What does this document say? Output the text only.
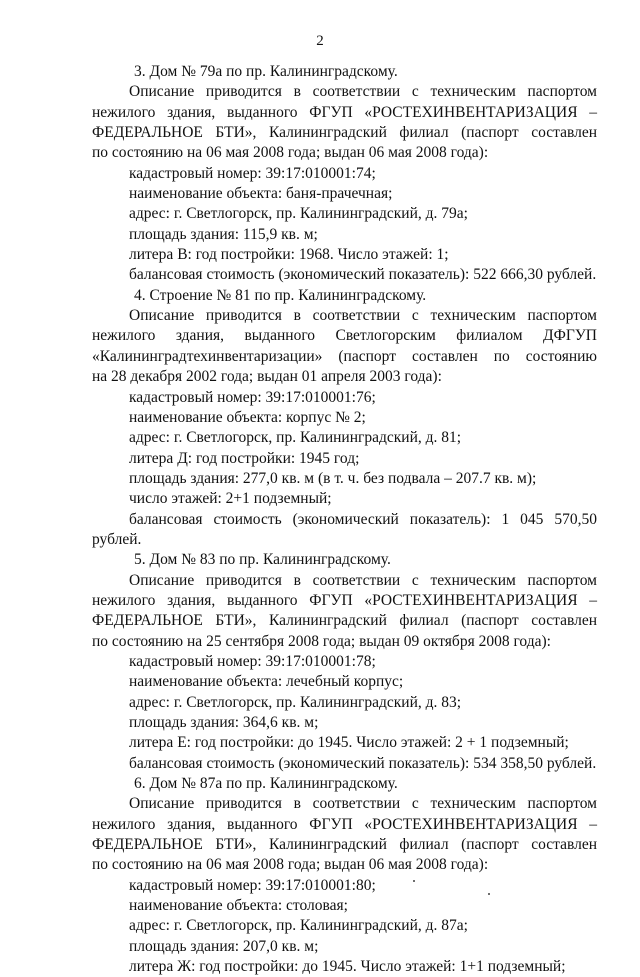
2
3. Дом № 79а по пр. Калининградскому.
Описание приводится в соответствии с техническим паспортом
нежилого здания, выданного ФГУП «РОСТЕХИНВЕНТАРИЗАЦИЯ –
ФЕДЕРАЛЬНОЕ БТИ», Калининградский филиал (паспорт составлен
по состоянию на 06 мая 2008 года; выдан 06 мая 2008 года):
кадастровый номер: 39:17:010001:74;
наименование объекта: баня-прачечная;
адрес: г. Светлогорск, пр. Калининградский, д. 79а;
площадь здания: 115,9 кв. м;
литера В: год постройки: 1968. Число этажей: 1;
балансовая стоимость (экономический показатель): 522 666,30 рублей.
4. Строение № 81 по пр. Калининградскому.
Описание приводится в соответствии с техническим паспортом
нежилого здания, выданного Светлогорским филиалом ДФГУП
«Калининградтехинвентаризации» (паспорт составлен по состоянию
на 28 декабря 2002 года; выдан 01 апреля 2003 года):
кадастровый номер: 39:17:010001:76;
наименование объекта: корпус № 2;
адрес: г. Светлогорск, пр. Калининградский, д. 81;
литера Д: год постройки: 1945 год;
площадь здания: 277,0 кв. м (в т. ч. без подвала – 207.7 кв. м);
число этажей: 2+1 подземный;
балансовая стоимость (экономический показатель): 1 045 570,50
рублей.
5. Дом № 83 по пр. Калининградскому.
Описание приводится в соответствии с техническим паспортом
нежилого здания, выданного ФГУП «РОСТЕХИНВЕНТАРИЗАЦИЯ –
ФЕДЕРАЛЬНОЕ БТИ», Калининградский филиал (паспорт составлен
по состоянию на 25 сентября 2008 года; выдан 09 октября 2008 года):
кадастровый номер: 39:17:010001:78;
наименование объекта: лечебный корпус;
адрес: г. Светлогорск, пр. Калининградский, д. 83;
площадь здания: 364,6 кв. м;
литера Е: год постройки: до 1945. Число этажей: 2 + 1 подземный;
балансовая стоимость (экономический показатель): 534 358,50 рублей.
6. Дом № 87а по пр. Калининградскому.
Описание приводится в соответствии с техническим паспортом
нежилого здания, выданного ФГУП «РОСТЕХИНВЕНТАРИЗАЦИЯ –
ФЕДЕРАЛЬНОЕ БТИ», Калининградский филиал (паспорт составлен
по состоянию на 06 мая 2008 года; выдан 06 мая 2008 года):
кадастровый номер: 39:17:010001:80;
наименование объекта: столовая;
адрес: г. Светлогорск, пр. Калининградский, д. 87а;
площадь здания: 207,0 кв. м;
литера Ж: год постройки: до 1945. Число этажей: 1+1 подземный;
